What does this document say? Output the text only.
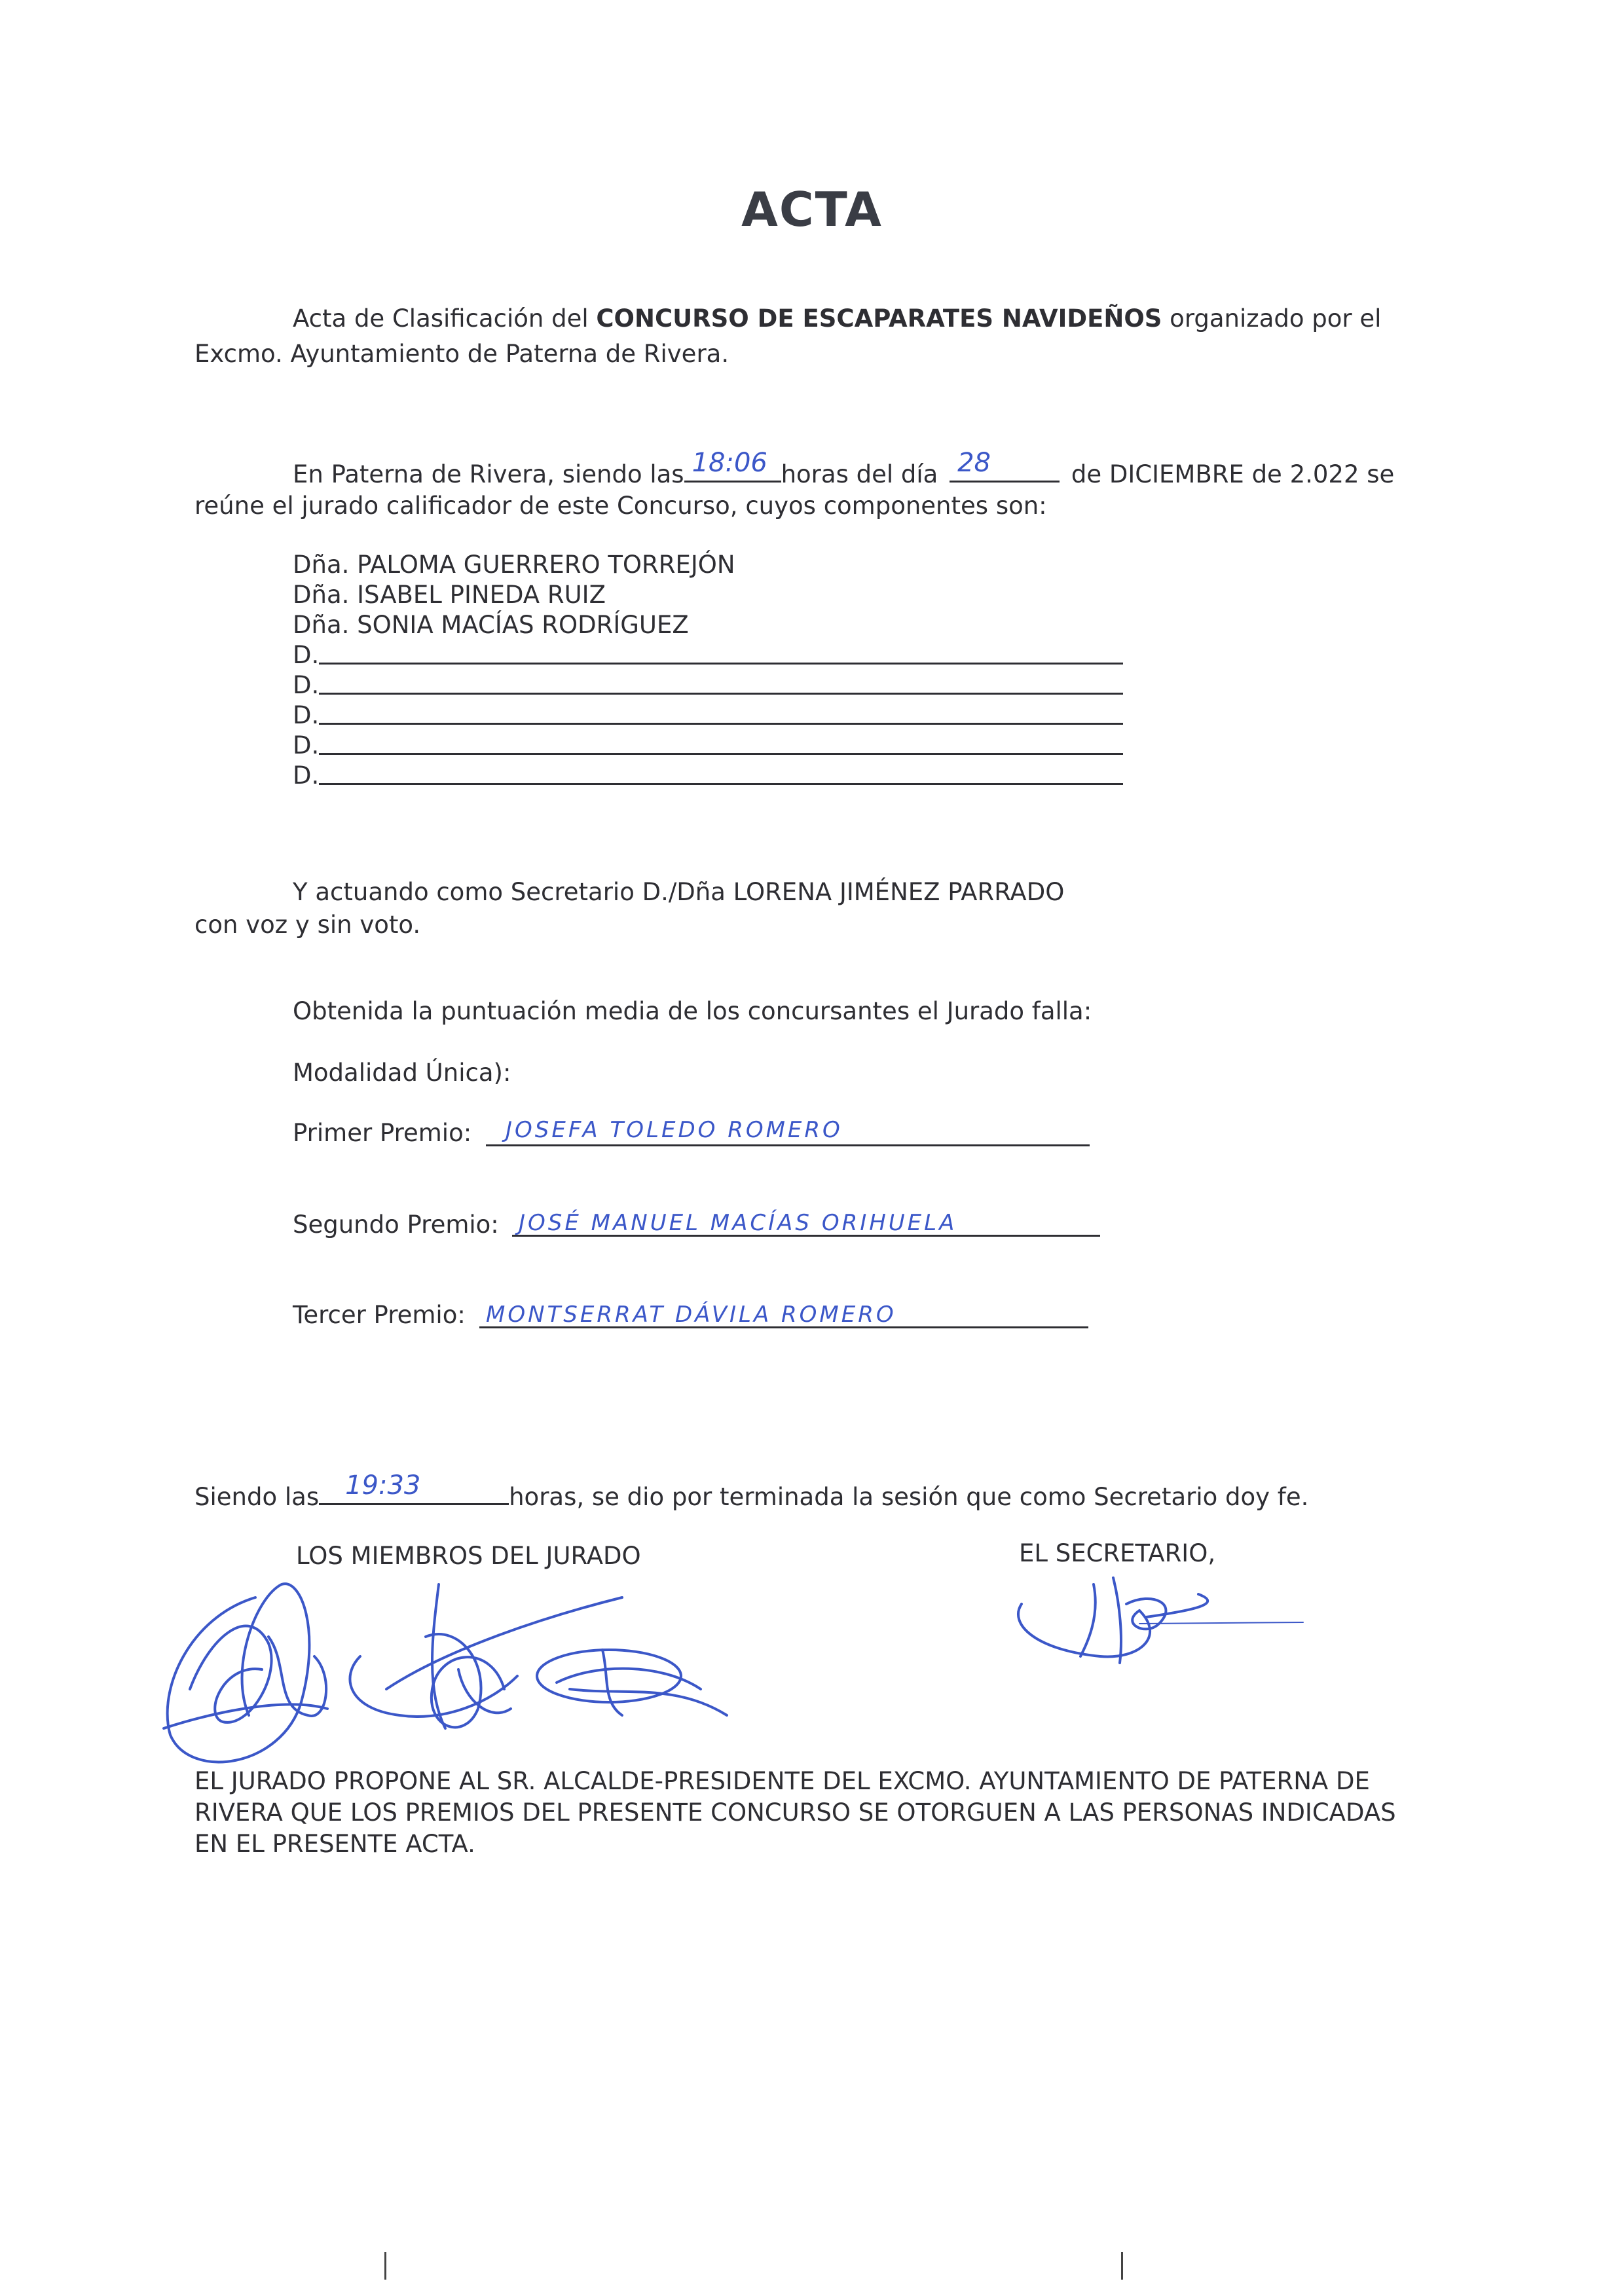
ACTA
Acta de Clasificación del CONCURSO DE ESCAPARATES NAVIDEÑOS organizado por el
Excmo. Ayuntamiento de Paterna de Rivera.
En Paterna de Rivera, siendo las 18:06 horas del día 28	de DICIEMBRE de 2.022 se
reúne el jurado calificador de este Concurso, cuyos componentes son:
Dña. PALOMA GUERRERO TORREJÓN
Dña. ISABEL PINEDA RUIZ
Dña. SONIA MACÍAS RODRÍGUEZ
D.
D.
D.
D.
D.
Y actuando como Secretario D./Dña LORENA JIMÉNEZ PARRADO
con voz y sin voto.
Obtenida la puntuación media de los concursantes el Jurado falla:
Modalidad Única):
Primer Premio: JOSEFA TOLEDO ROMERO
Segundo Premio: JOSÉ MANUEL MACÍAS ORIHUELA
Tercer Premio: MONTSERRAT DÁVILA ROMERO
Siendo las 19:33	horas, se dio por terminada la sesión que como Secretario doy fe.
LOS MIEMBROS DEL JURADO	EL SECRETARIO,
EL JURADO PROPONE AL SR. ALCALDE-PRESIDENTE DEL EXCMO. AYUNTAMIENTO DE PATERNA DE
RIVERA QUE LOS PREMIOS DEL PRESENTE CONCURSO SE OTORGUEN A LAS PERSONAS INDICADAS
EN EL PRESENTE ACTA.
